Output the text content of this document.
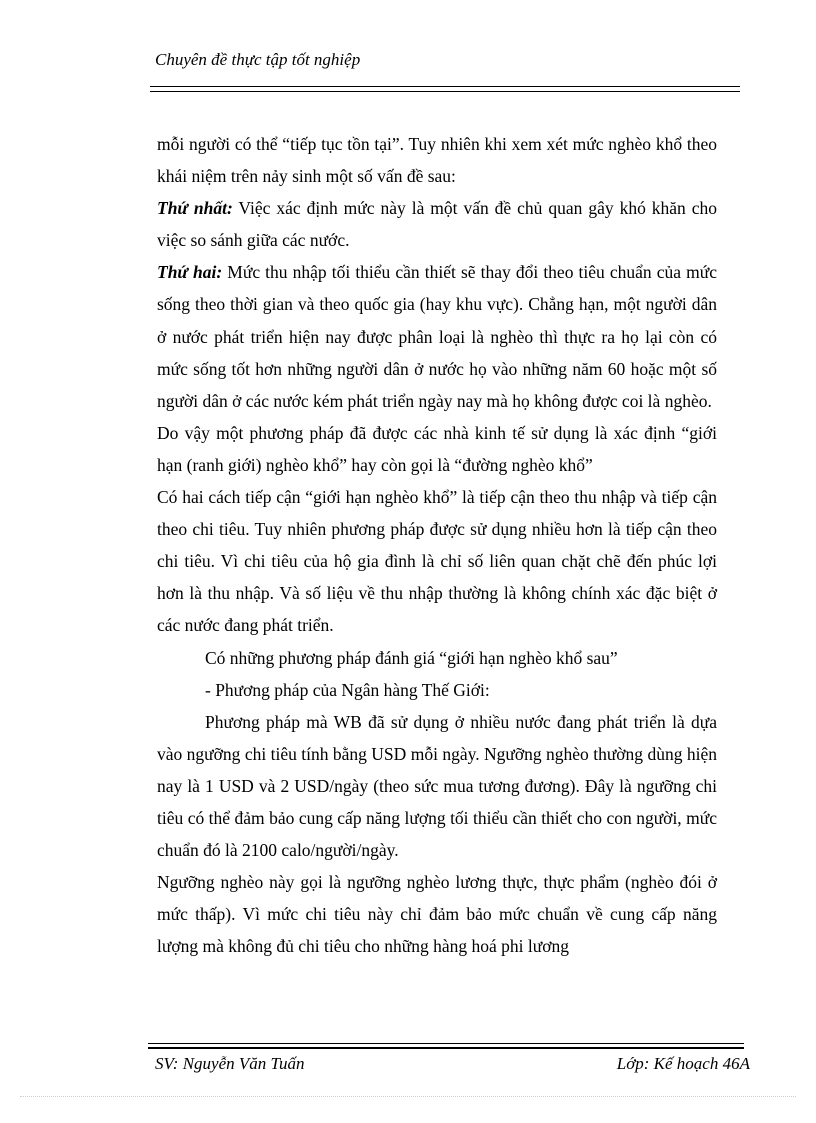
Chuyên đề thực tập tốt nghiệp

mỗi người có thể “tiếp tục tồn tại”. Tuy nhiên khi xem xét mức nghèo khổ theo khái niệm trên nảy sinh một số vấn đề sau:

Thứ nhất: Việc xác định mức này là một vấn đề chủ quan gây khó khăn cho việc so sánh giữa các nước.

Thứ hai: Mức thu nhập tối thiểu cần thiết sẽ thay đổi theo tiêu chuẩn của mức sống theo thời gian và theo quốc gia (hay khu vực). Chẳng hạn, một người dân ở nước phát triển hiện nay được phân loại là nghèo thì thực ra họ lại còn có mức sống tốt hơn những người dân ở nước họ vào những năm 60 hoặc một số người dân ở các nước kém phát triển ngày nay mà họ không được coi là nghèo.

Do vậy một phương pháp đã được các nhà kinh tế sử dụng là xác định “giới hạn (ranh giới) nghèo khổ” hay còn gọi là “đường nghèo khổ”

Có hai cách tiếp cận “giới hạn nghèo khổ” là tiếp cận theo thu nhập và tiếp cận theo chi tiêu. Tuy nhiên phương pháp được sử dụng nhiều hơn là tiếp cận theo chi tiêu. Vì chi tiêu của hộ gia đình là chỉ số liên quan chặt chẽ đến phúc lợi hơn là thu nhập. Và số liệu về thu nhập thường là không chính xác đặc biệt ở các nước đang phát triển.

Có những phương pháp đánh giá “giới hạn nghèo khổ sau”

- Phương pháp của Ngân hàng Thế Giới:

Phương pháp mà WB đã sử dụng ở nhiều nước đang phát triển là dựa vào ngưỡng chi tiêu tính bằng USD mỗi ngày. Ngưỡng nghèo thường dùng hiện nay là 1 USD và 2 USD/ngày (theo sức mua tương đương). Đây là ngưỡng chi tiêu có thể đảm bảo cung cấp năng lượng tối thiểu cần thiết cho con người, mức chuẩn đó là 2100 calo/người/ngày.

Ngưỡng nghèo này gọi là ngưỡng nghèo lương thực, thực phẩm (nghèo đói ở mức thấp). Vì mức chi tiêu này chỉ đảm bảo mức chuẩn về cung cấp năng lượng mà không đủ chi tiêu cho những hàng hoá phi lương

SV: Nguyễn Văn Tuấn	Lớp: Kế hoạch 46A
